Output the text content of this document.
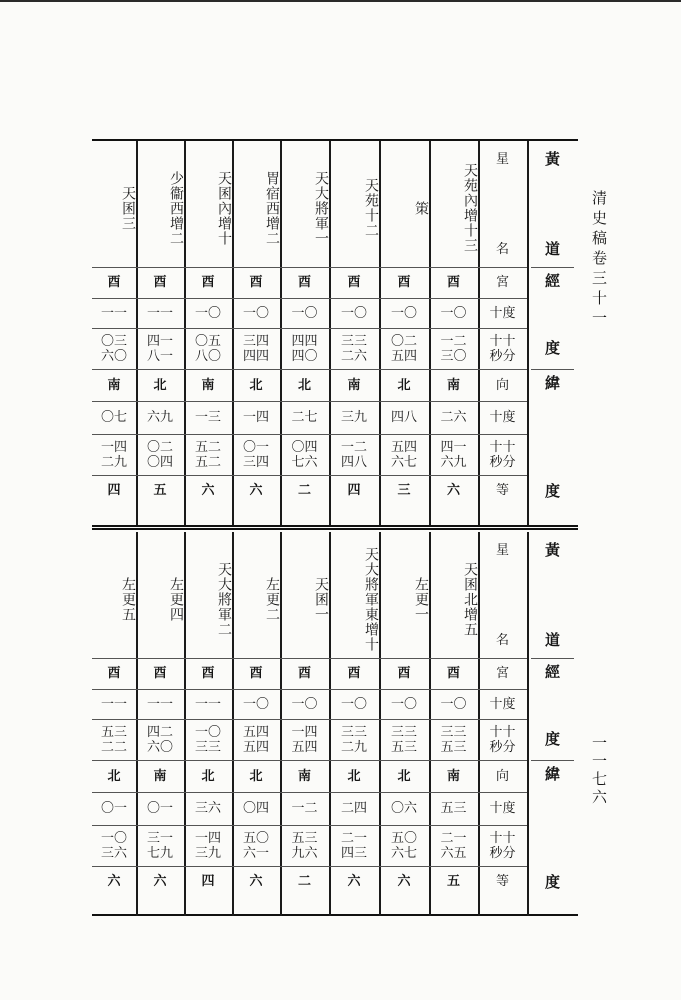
清史稿卷三十一
一一七六
天苑內增十三
酉
一〇
一二
三〇
南
二六
四一
六九
六
策
酉
一〇
〇二
五四
北
四八
五四
六七
三
天苑十二
酉
一〇
三三
二六
南
三九
一二
四八
四
天大將軍一
酉
一〇
四四
四〇
北
二七
〇四
七六
二
胃宿西增二
酉
一〇
三四
四四
北
一四
〇一
三四
六
天囷內增十
酉
一〇
〇五
八〇
南
一三
五二
五二
六
少衞西增二
酉
一一
四一
八一
北
六九
〇二
〇四
五
天囷三
酉
一一
〇三
六〇
南
〇七
一四
二九
四
星
名
宮
十度
十十
秒分
向
十度
十十
秒分
等
黃
道
經
度
緯
度
天囷北增五
酉
一〇
三三
五三
南
五三
二一
六五
五
左更一
酉
一〇
三三
五三
北
〇六
五〇
六七
六
天大將軍東增十
酉
一〇
三三
二九
北
二四
二一
四三
六
天囷一
酉
一〇
一四
五四
南
一二
五三
九六
二
左更二
酉
一〇
五四
五四
北
〇四
五〇
六一
六
天大將軍二
酉
一一
一〇
三三
北
三六
一四
三九
四
左更四
酉
一一
四二
六〇
南
〇一
三一
七九
六
左更五
酉
一一
五三
二二
北
〇一
一〇
三六
六
星
名
宮
十度
十十
秒分
向
十度
十十
秒分
等
黃
道
經
度
緯
度
